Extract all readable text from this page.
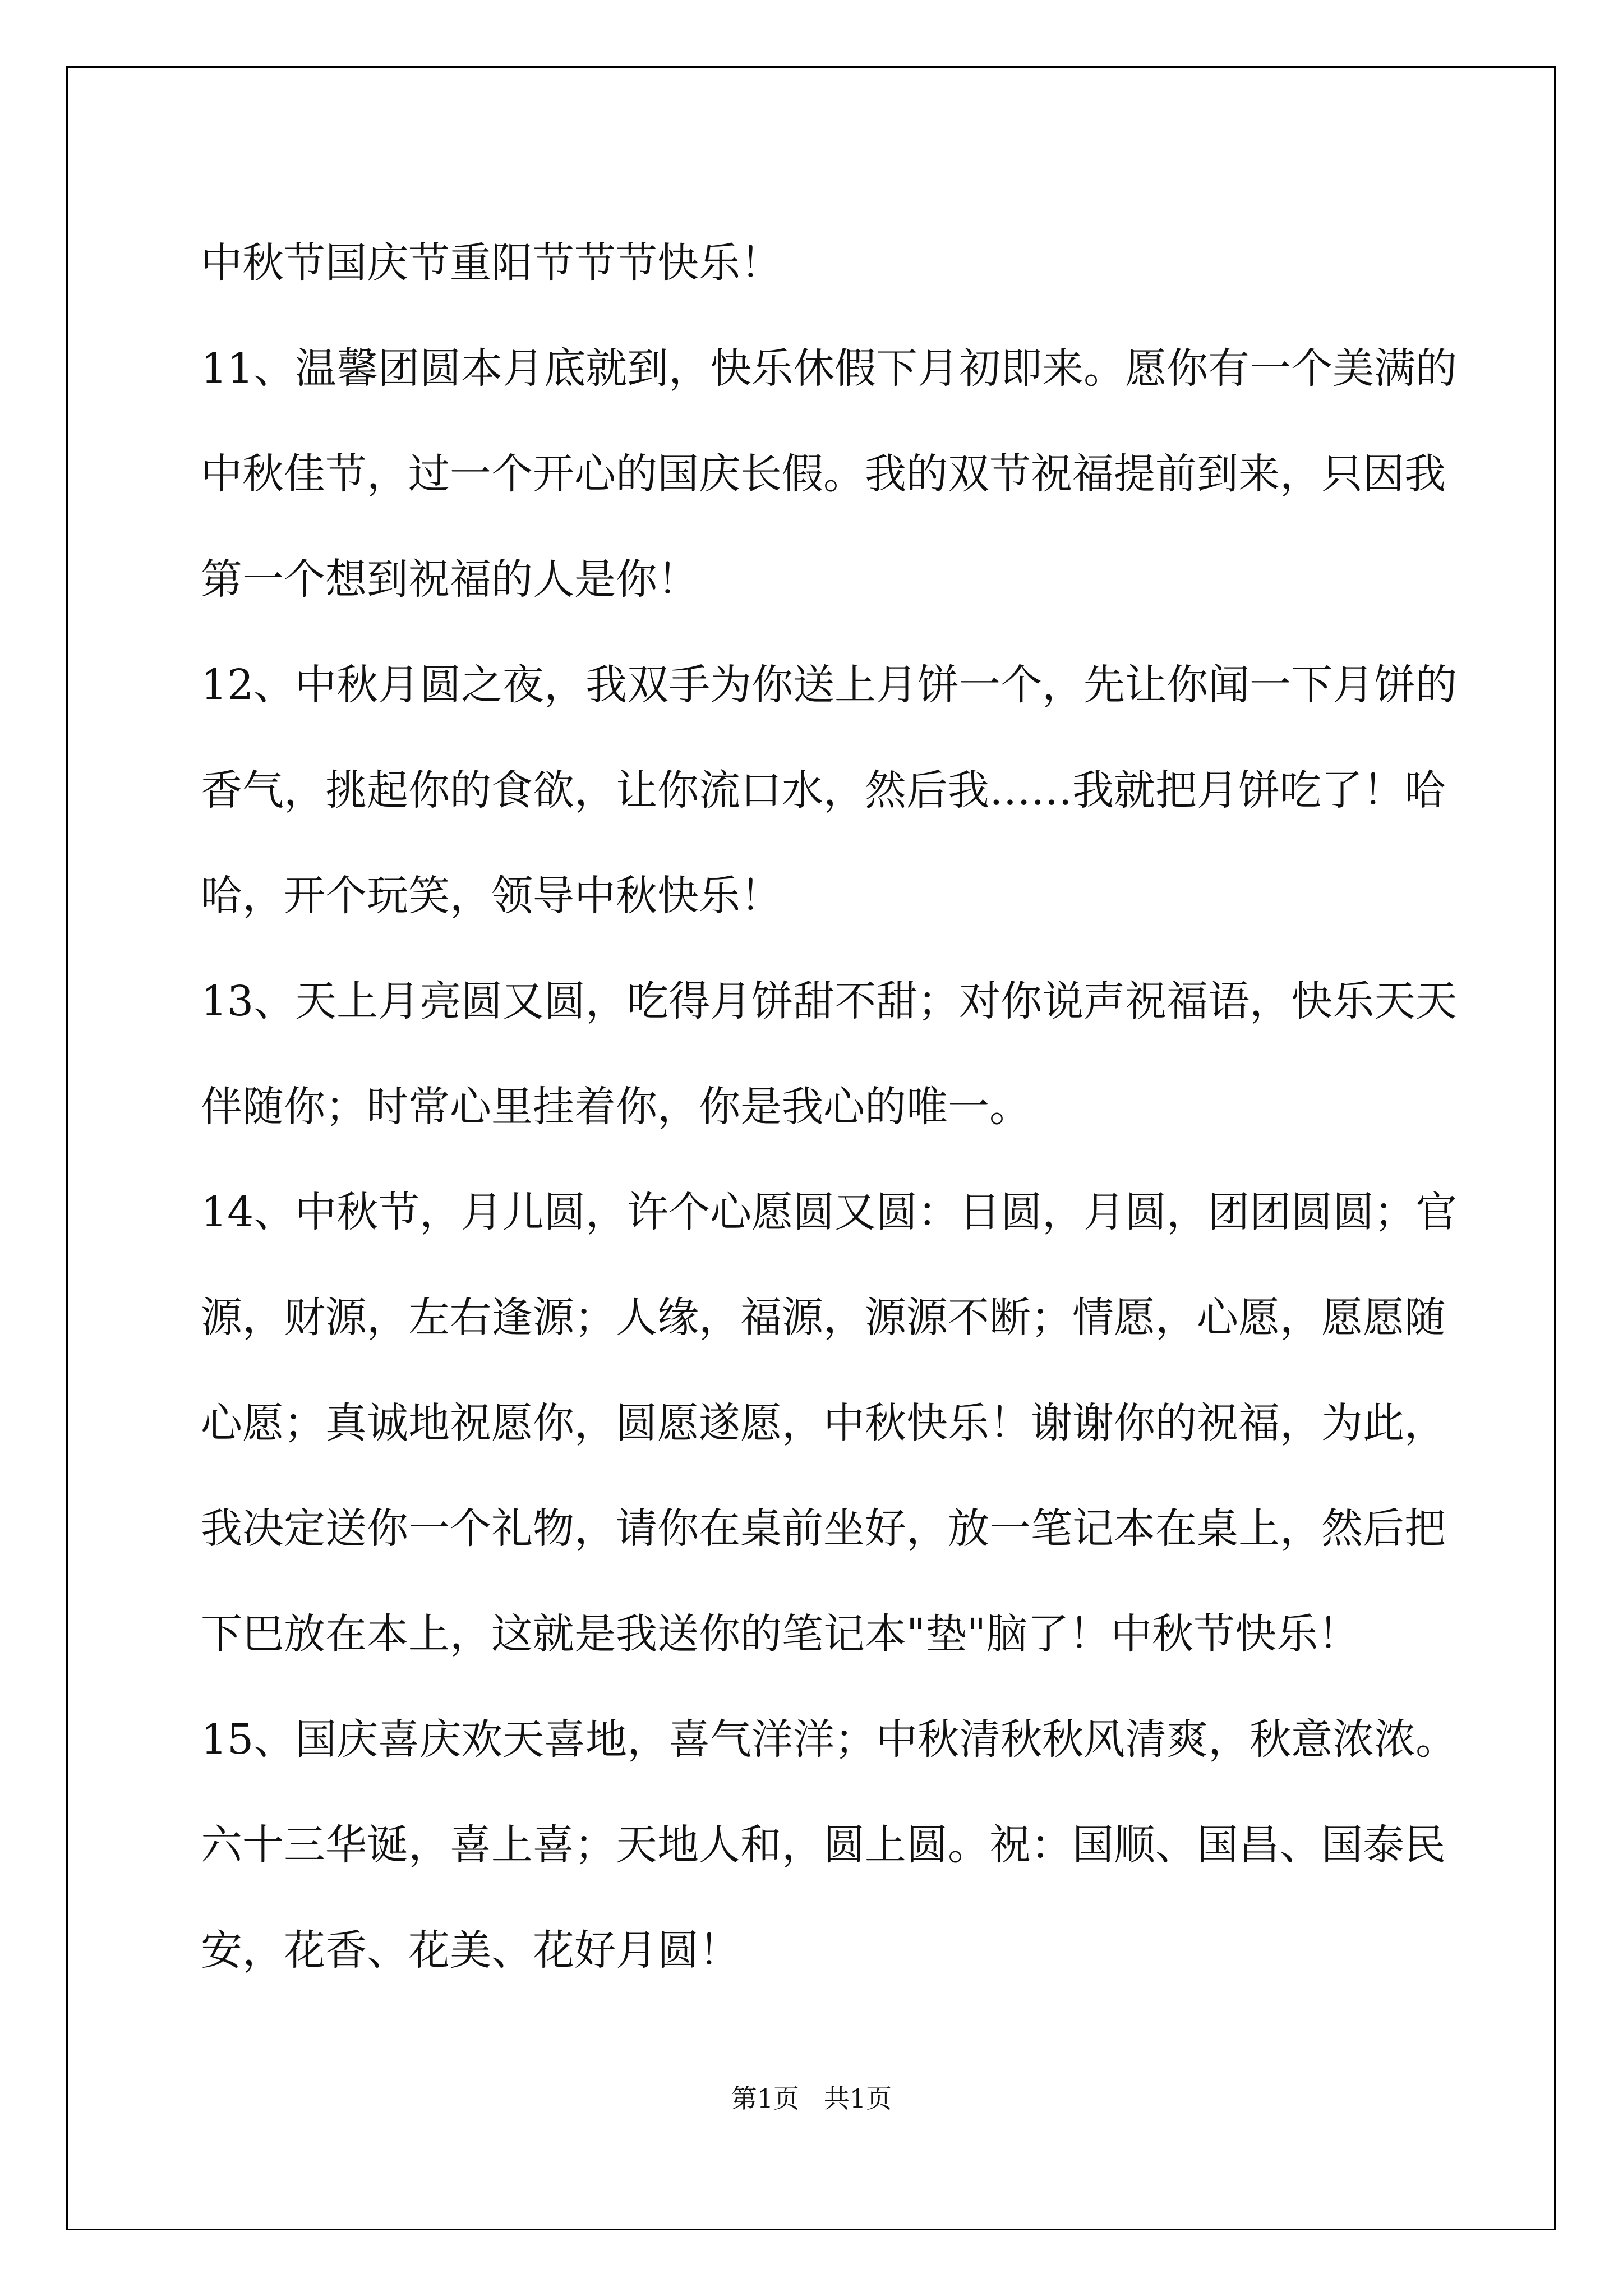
中秋节国庆节重阳节节节快乐！
11、温馨团圆本月底就到，快乐休假下月初即来。愿你有一个美满的
中秋佳节，过一个开心的国庆长假。我的双节祝福提前到来，只因我
第一个想到祝福的人是你！
12、中秋月圆之夜，我双手为你送上月饼一个，先让你闻一下月饼的
香气，挑起你的食欲，让你流口水，然后我……我就把月饼吃了！哈
哈，开个玩笑，领导中秋快乐！
13、天上月亮圆又圆，吃得月饼甜不甜；对你说声祝福语，快乐天天
伴随你；时常心里挂着你，你是我心的唯一。
14、中秋节，月儿圆，许个心愿圆又圆：日圆，月圆，团团圆圆；官
源，财源，左右逢源；人缘，福源，源源不断；情愿，心愿，愿愿随
心愿；真诚地祝愿你，圆愿遂愿，中秋快乐！谢谢你的祝福，为此，
我决定送你一个礼物，请你在桌前坐好，放一笔记本在桌上，然后把
下巴放在本上，这就是我送你的笔记本"垫"脑了！中秋节快乐！
15、国庆喜庆欢天喜地，喜气洋洋；中秋清秋秋风清爽，秋意浓浓。
六十三华诞，喜上喜；天地人和，圆上圆。祝：国顺、国昌、国泰民
安，花香、花美、花好月圆！
第1页   共1页
